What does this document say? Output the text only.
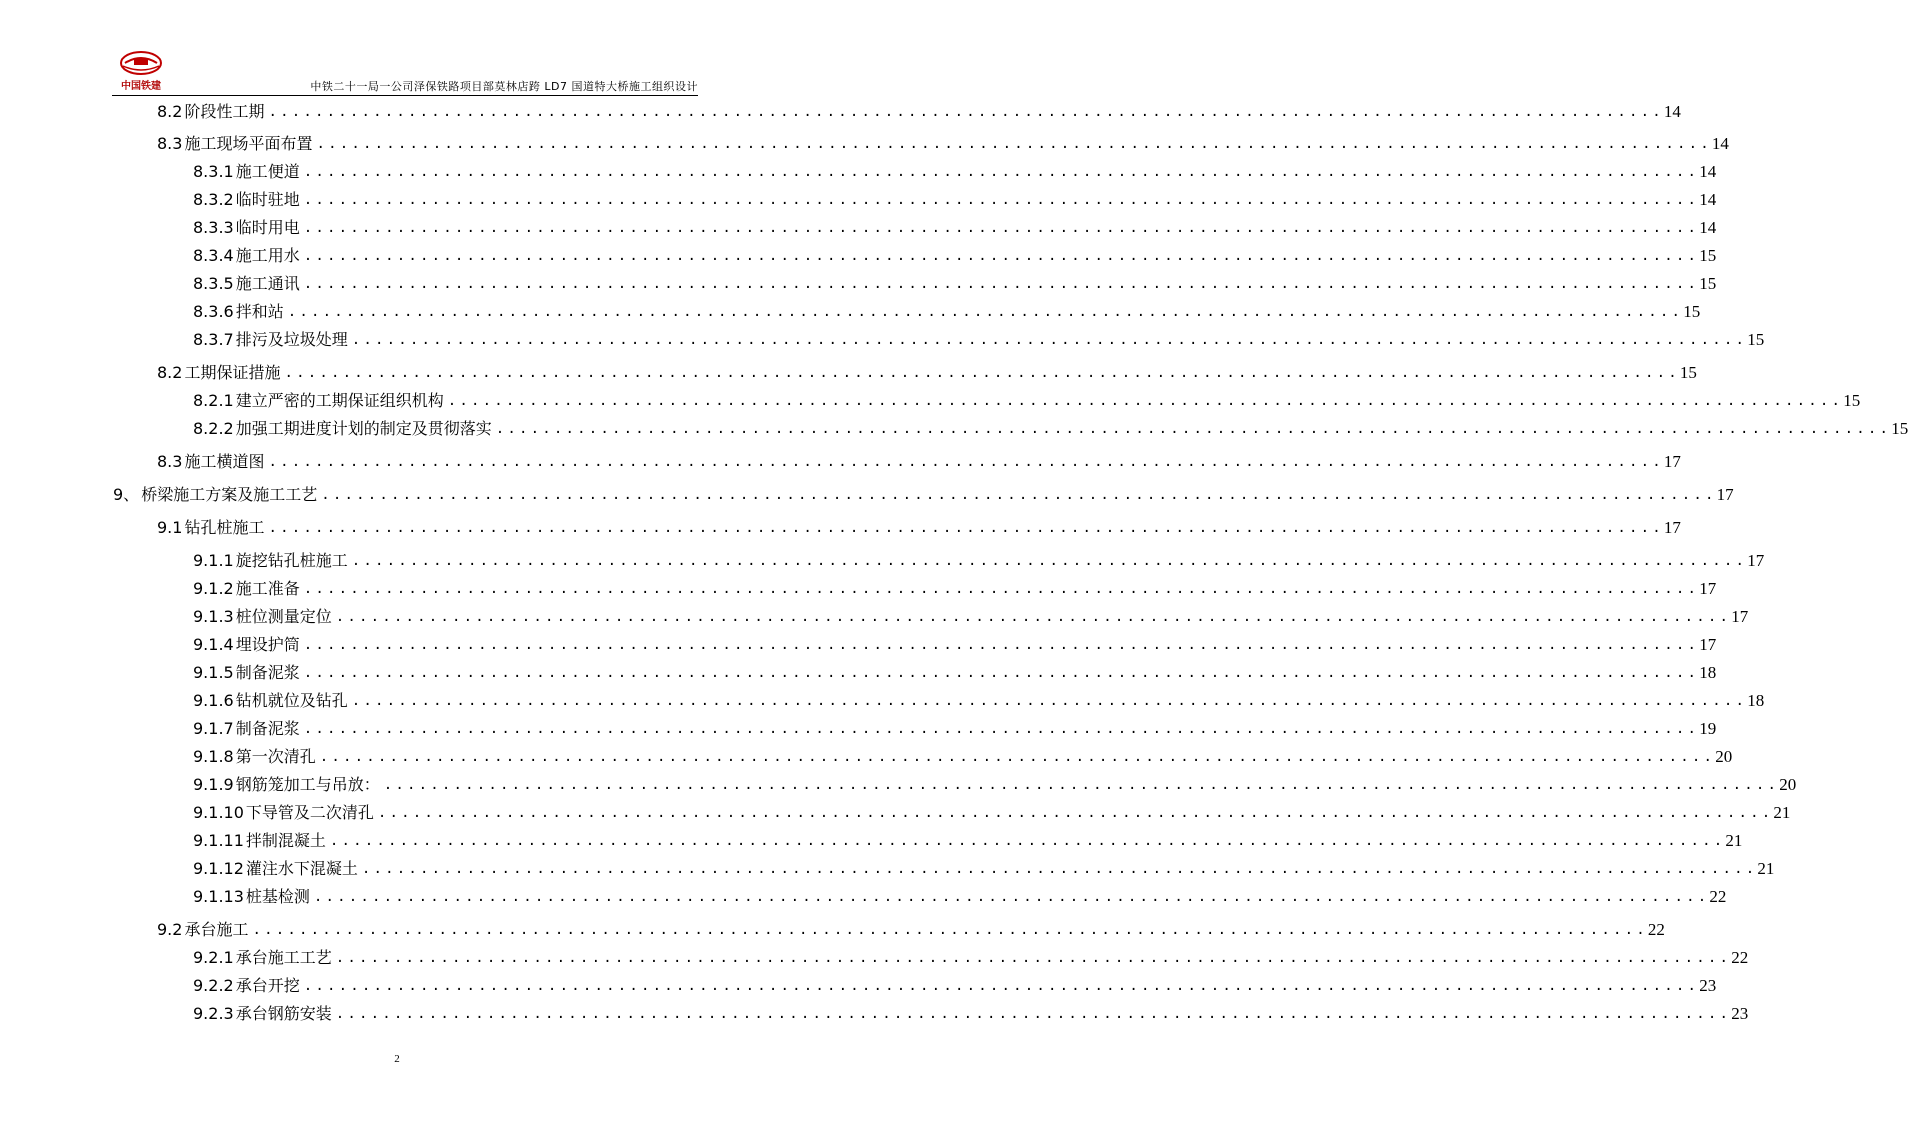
中国铁建	中铁二十一局一公司泽保铁路项目部莫林店跨 LD7 国道特大桥施工组织设计
8.2 阶段性工期 ........................................................................................................................ 14
8.3 施工现场平面布置 ........................................................................................................................ 14
8.3.1 施工便道 ........................................................................................................................ 14
8.3.2 临时驻地 ........................................................................................................................ 14
8.3.3 临时用电 ........................................................................................................................ 14
8.3.4 施工用水 ........................................................................................................................ 15
8.3.5 施工通讯 ........................................................................................................................ 15
8.3.6 拌和站 ........................................................................................................................ 15
8.3.7 排污及垃圾处理 ........................................................................................................................ 15
8.2 工期保证措施 ........................................................................................................................ 15
8.2.1 建立严密的工期保证组织机构 ........................................................................................................................ 15
8.2.2 加强工期进度计划的制定及贯彻落实 ........................................................................................................................ 15
8.3 施工横道图 ........................................................................................................................ 17
9、 桥梁施工方案及施工工艺 ........................................................................................................................ 17
9.1 钻孔桩施工 ........................................................................................................................ 17
9.1.1 旋挖钻孔桩施工 ........................................................................................................................ 17
9.1.2 施工准备 ........................................................................................................................ 17
9.1.3 桩位测量定位 ........................................................................................................................ 17
9.1.4 埋设护筒 ........................................................................................................................ 17
9.1.5 制备泥浆 ........................................................................................................................ 18
9.1.6 钻机就位及钻孔 ........................................................................................................................ 18
9.1.7 制备泥浆 ........................................................................................................................ 19
9.1.8 第一次清孔 ........................................................................................................................ 20
9.1.9 钢筋笼加工与吊放： ........................................................................................................................ 20
9.1.10 下导管及二次清孔 ........................................................................................................................ 21
9.1.11 拌制混凝土 ........................................................................................................................ 21
9.1.12 灌注水下混凝土 ........................................................................................................................ 21
9.1.13 桩基检测 ........................................................................................................................ 22
9.2 承台施工 ........................................................................................................................ 22
9.2.1 承台施工工艺 ........................................................................................................................ 22
9.2.2 承台开挖 ........................................................................................................................ 23
9.2.3 承台钢筋安装 ........................................................................................................................ 23
2
